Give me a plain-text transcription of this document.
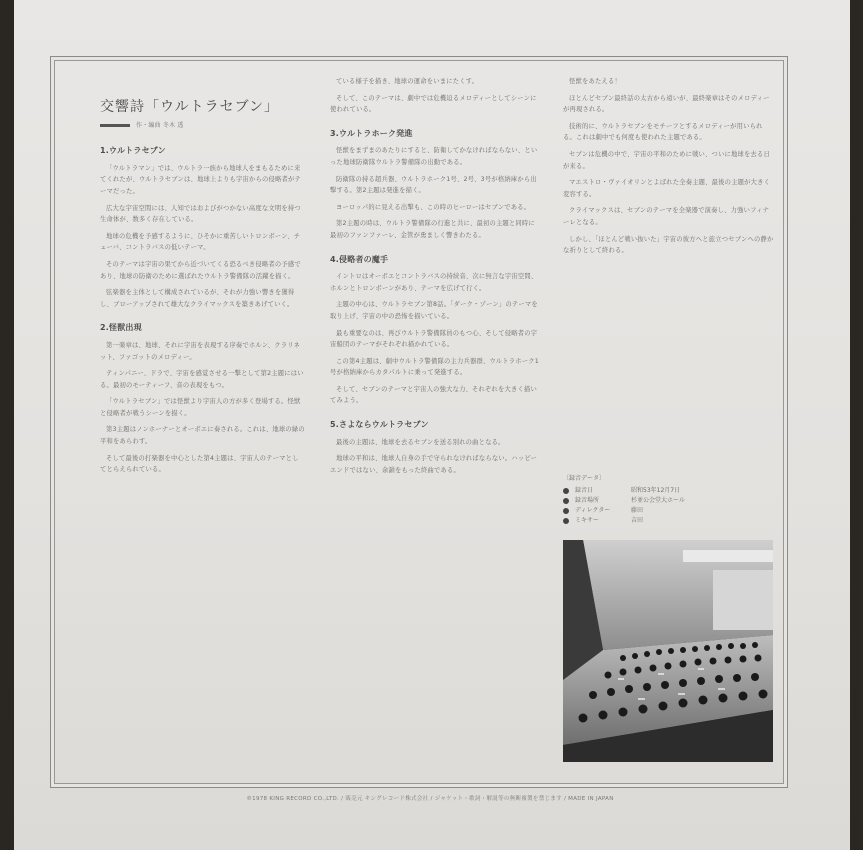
交響詩「ウルトラセブン」
作・編曲 冬木 透
1.ウルトラセブン

「ウルトラマン」では、ウルトラ一族から地球人をまもるために来てくれたが、ウルトラセブンは、地球上よりも宇宙からの侵略者がテーマだった。

広大な宇宙空間には、人知ではおよびがつかない高度な文明を持つ生命体が、数多く存在している。

地球の危機を予感するように、ひそかに重苦しいトロンボーン、チューバ、コントラバスの低いテーマ。

そのテーマは宇宙の果てから近づいてくる恐るべき侵略者の予感であり、地球の防衛のために選ばれたウルトラ警備隊の活躍を描く。

弦楽器を主体として構成されているが、それが力強い響きを獲得し、ブローアップされて雄大なクライマックスを築きあげていく。

2.怪獣出現

第一楽章は、地球、それに宇宙を表現する序奏でホルン、クラリネット、ファゴットのメロディー。

ティンパニー、ドラで、宇宙を感覚させる一撃として第2主題にはいる。最初のモーティーフ、音の表現をもつ。

「ウルトラセブン」では怪獣より宇宙人の方が多く登場する。怪獣と侵略者が戦うシーンを描く。

第3主題はノンホーナーとオーボエに奏される。これは、地球の緑の平和をあらわす。

そして最後の打楽器を中心とした第4主題は、宇宙人のテーマとしてとらえられている。

ている様子を描き、地球の運命をいまにたくす。

そして、このテーマは、劇中では危機迫るメロディーとしてシーンに使われている。

3.ウルトラホーク発進

怪獣をまずまのあたりにすると、防衛してかなければならない、といった地球防衛隊ウルトラ警備隊の出動である。

防衛隊の持る超兵器、ウルトラホーク1号、2号、3号が格納庫から出撃する。第2主題は発進を描く。

ヨーロッパ的に見える出撃も、この時のヒーローはセブンである。

第2主題の時は、ウルトラ警備隊の行進と共に、最初の主題と同時に最初のファンファーレ、金管が勇ましく響きわたる。

4.侵略者の魔手

イントロはオーボエとコントラバスの持続音、次に無言な宇宙空間、ホルンとトロンボーンがあり、テーマを広げて行く。

主題の中心は、ウルトラセブン第8話。「ダーク・ゾーン」のテーマを取り上げ、宇宙の中の恐怖を描いている。

最も重要なのは、再びウルトラ警備隊員のもつ心、そして侵略者の宇宙船団のテーマがそれぞれ描かれている。

この第4主題は、劇中ウルトラ警備隊の主力兵器群、ウルトラホーク1号が格納庫からカタパルトに乗って発進する。

そして、セブンのテーマと宇宙人の強大な力、それぞれを大きく描いてみよう。

5.さよならウルトラセブン

最後の主題は、地球を去るセブンを送る別れの曲となる。

地球の平和は、地球人自身の手で守られなければならない。ハッピーエンドではない、余韻をもった終曲である。

怪獣をあたえる！

ほとんどセブン最終話の太古から遠いが、最終楽章はそのメロディーが再現される。

技術的に、ウルトラセブンをモチーフとするメロディーが用いられる。これは劇中でも何度も使われた主題である。

セブンは危機の中で、宇宙の平和のために戦い、ついに地球を去る日が来る。

マエストロ・ヴァイオリンとよばれた全奏主題、最後の主題が大きく変容する。

クライマックスは、セブンのテーマを全楽器で演奏し、力強いフィナーレとなる。

しかし、「ほとんど戦い抜いた」宇宙の彼方へと旅立つセブンへの静かな祈りとして終わる。

〔録音データ〕
録音日	昭和53年12月7日
録音場所	杉並公会堂大ホール
ディレクター	藤田
ミキサー	吉田
℗1978 KING RECORD CO.,LTD. / 販売元 キングレコード株式会社 / ジャケット・歌詞・解説等の無断複製を禁じます / MADE IN JAPAN
